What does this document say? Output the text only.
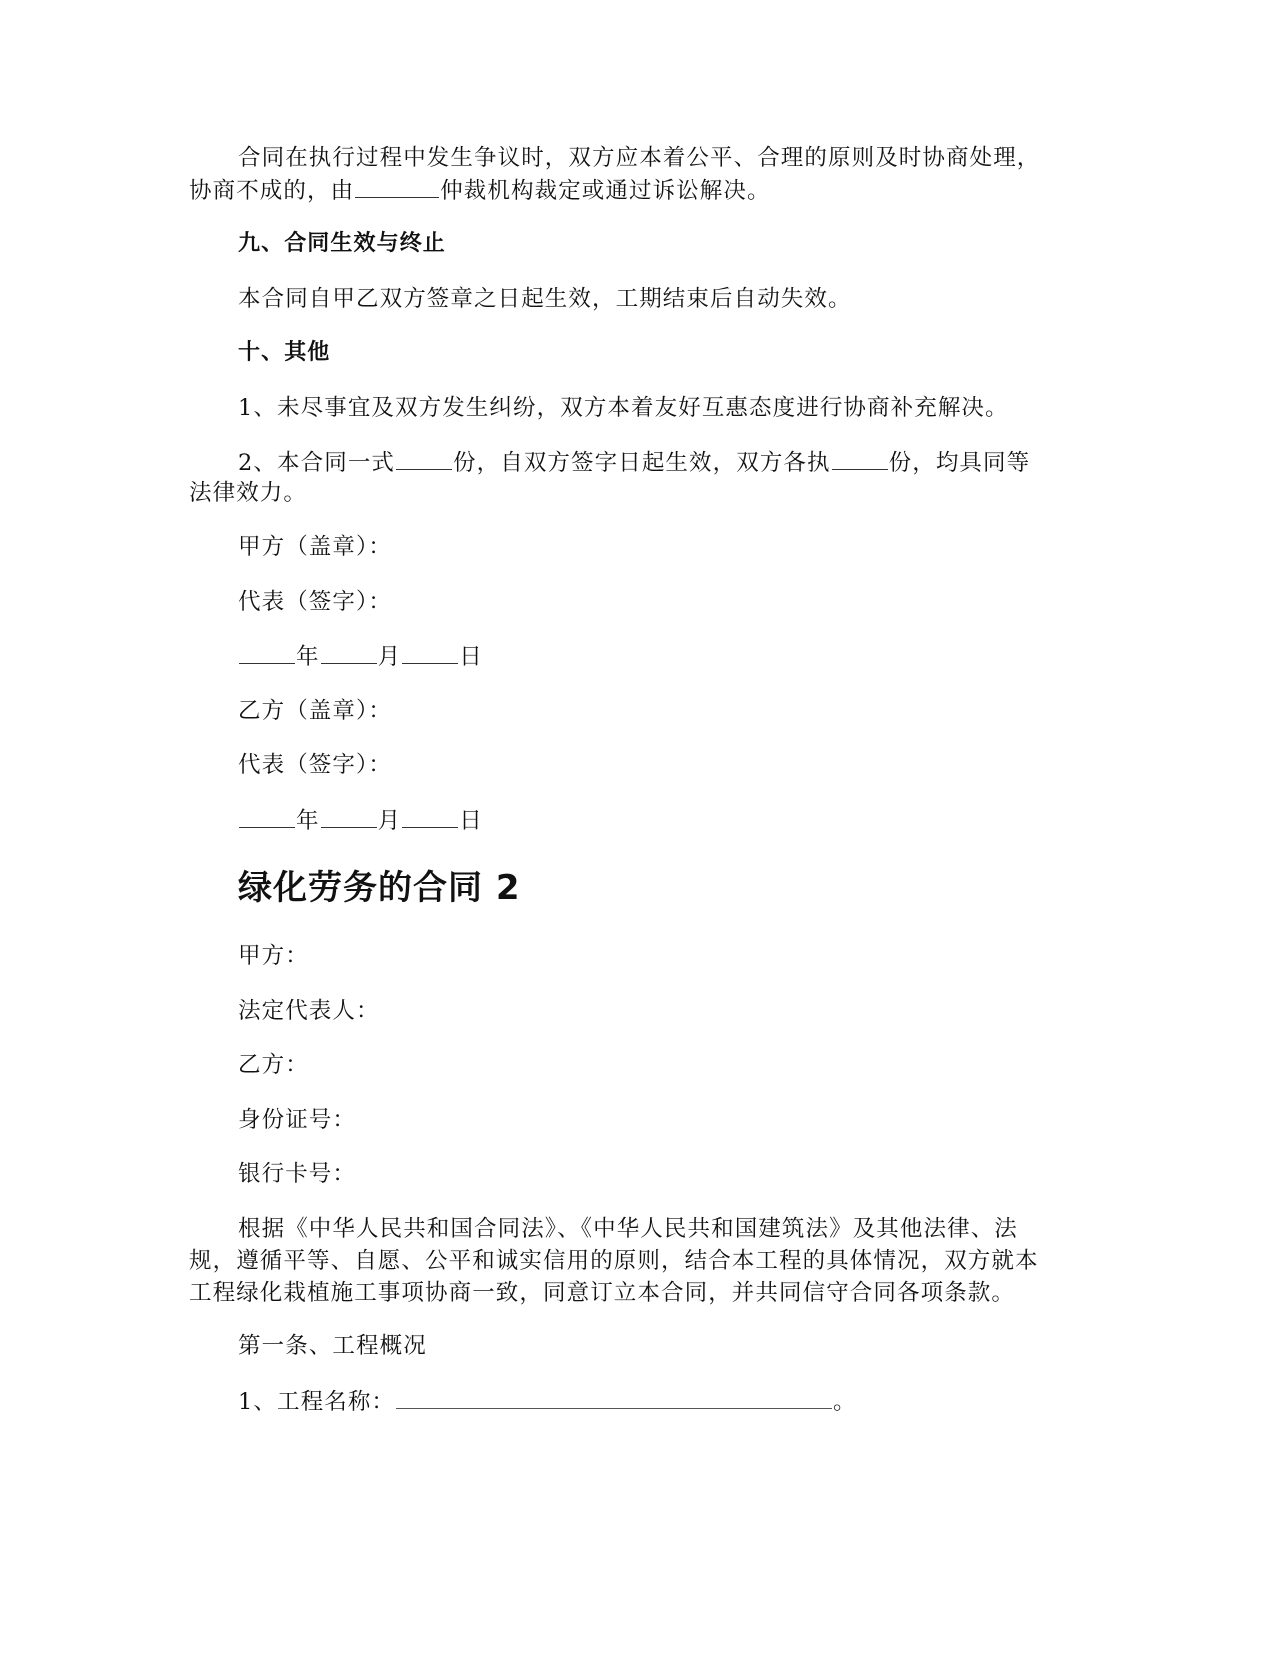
合同在执行过程中发生争议时，双方应本着公平、合理的原则及时协商处理，
协商不成的，由	仲裁机构裁定或通过诉讼解决。
九、合同生效与终止
本合同自甲乙双方签章之日起生效，工期结束后自动失效。
十、其他
1、未尽事宜及双方发生纠纷，双方本着友好互惠态度进行协商补充解决。
2、本合同一式	份，自双方签字日起生效，双方各执	份，均具同等
法律效力。
甲方（盖章）：
代表（签字）：
年	月	日
乙方（盖章）：
代表（签字）：
年	月	日
绿化劳务的合同 2
甲方：
法定代表人：
乙方：
身份证号：
银行卡号：
根据《中华人民共和国合同法》、《中华人民共和国建筑法》及其他法律、法
规，遵循平等、自愿、公平和诚实信用的原则，结合本工程的具体情况，双方就本
工程绿化栽植施工事项协商一致，同意订立本合同，并共同信守合同各项条款。
第一条、工程概况
1、工程名称：	。
